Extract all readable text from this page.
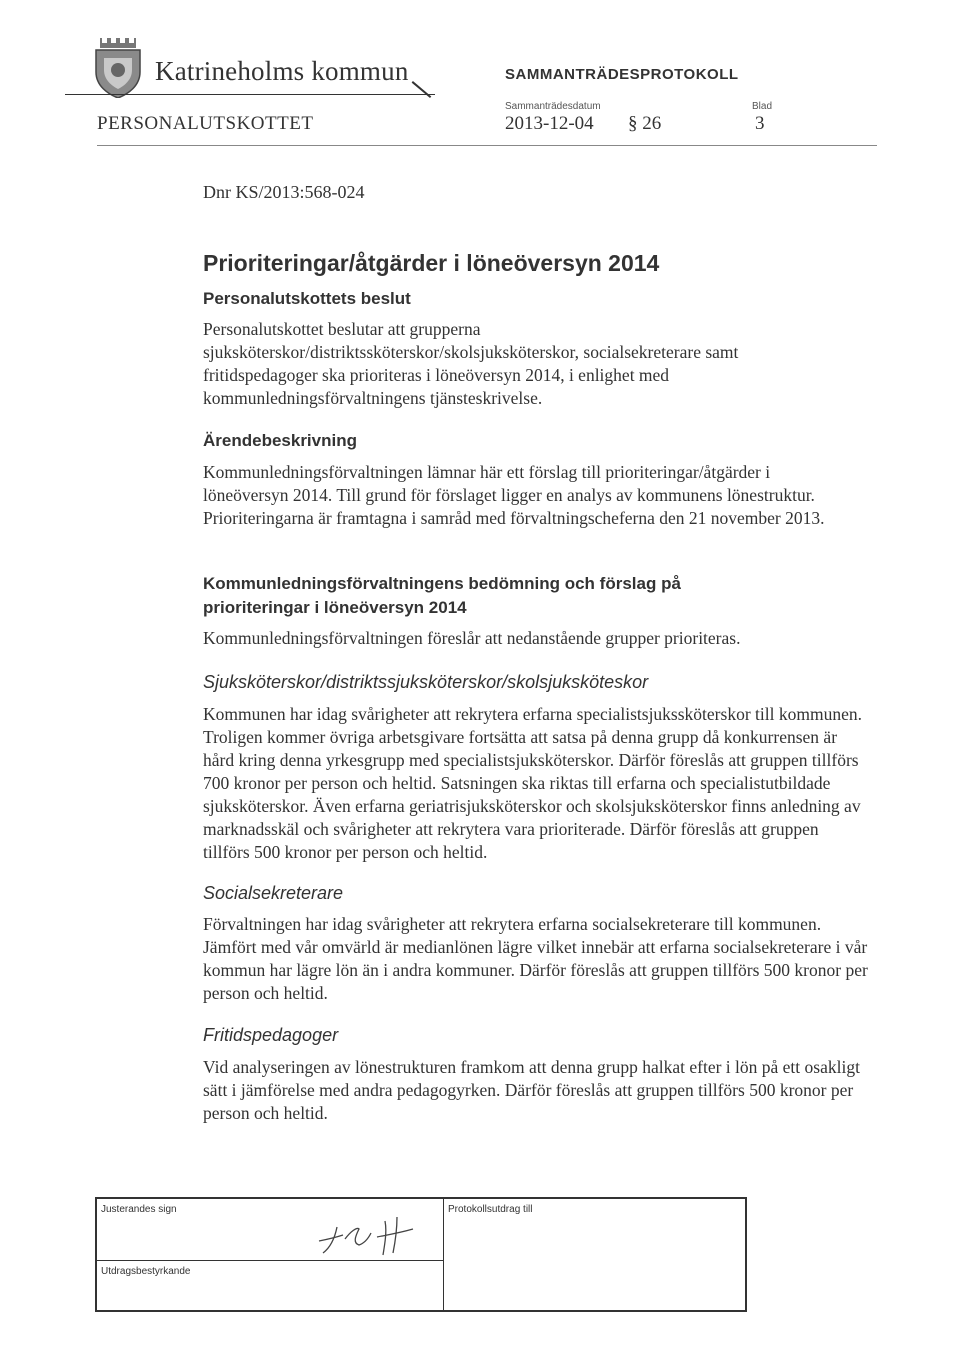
Katrineholms kommun	SAMMANTRÄDESPROTOKOLL
Sammanträdesdatum	Blad
PERSONALUTSKOTTET	2013-12-04 § 26	3
Dnr KS/2013:568-024
Prioriteringar/åtgärder i löneöversyn 2014
Personalutskottets beslut

Personalutskottet beslutar att grupperna sjuksköterskor/distriktssköterskor/skolsjuksköterskor, socialsekreterare samt fritidspedagoger ska prioriteras i löneöversyn 2014, i enlighet med kommunledningsförvaltningens tjänsteskrivelse.

Ärendebeskrivning

Kommunledningsförvaltningen lämnar här ett förslag till prioriteringar/åtgärder i löneöversyn 2014. Till grund för förslaget ligger en analys av kommunens lönestruktur. Prioriteringarna är framtagna i samråd med förvaltningscheferna den 21 november 2013.

Kommunledningsförvaltningens bedömning och förslag på
prioriteringar i löneöversyn 2014

Kommunledningsförvaltningen föreslår att nedanstående grupper prioriteras.

Sjuksköterskor/distriktssjuksköterskor/skolsjuksköteskor

Kommunen har idag svårigheter att rekrytera erfarna specialistsjukssköterskor till kommunen. Troligen kommer övriga arbetsgivare fortsätta att satsa på denna grupp då konkurrensen är hård kring denna yrkesgrupp med specialistsjuksköterskor. Därför föreslås att gruppen tillförs 700 kronor per person och heltid. Satsningen ska riktas till erfarna och specialistutbildade sjuksköterskor. Även erfarna geriatrisjuksköterskor och skolsjuksköterskor finns anledning av marknadsskäl och svårigheter att rekrytera vara prioriterade. Därför föreslås att gruppen tillförs 500 kronor per person och heltid.

Socialsekreterare

Förvaltningen har idag svårigheter att rekrytera erfarna socialsekreterare till kommunen. Jämfört med vår omvärld är medianlönen lägre vilket innebär att erfarna socialsekreterare i vår kommun har lägre lön än i andra kommuner. Därför föreslås att gruppen tillförs 500 kronor per person och heltid.

Fritidspedagoger

Vid analyseringen av lönestrukturen framkom att denna grupp halkat efter i lön på ett osakligt sätt i jämförelse med andra pedagogyrken. Därför föreslås att gruppen tillförs 500 kronor per person och heltid.

Justerandes sign	Protokollsutdrag till
Utdragsbestyrkande
